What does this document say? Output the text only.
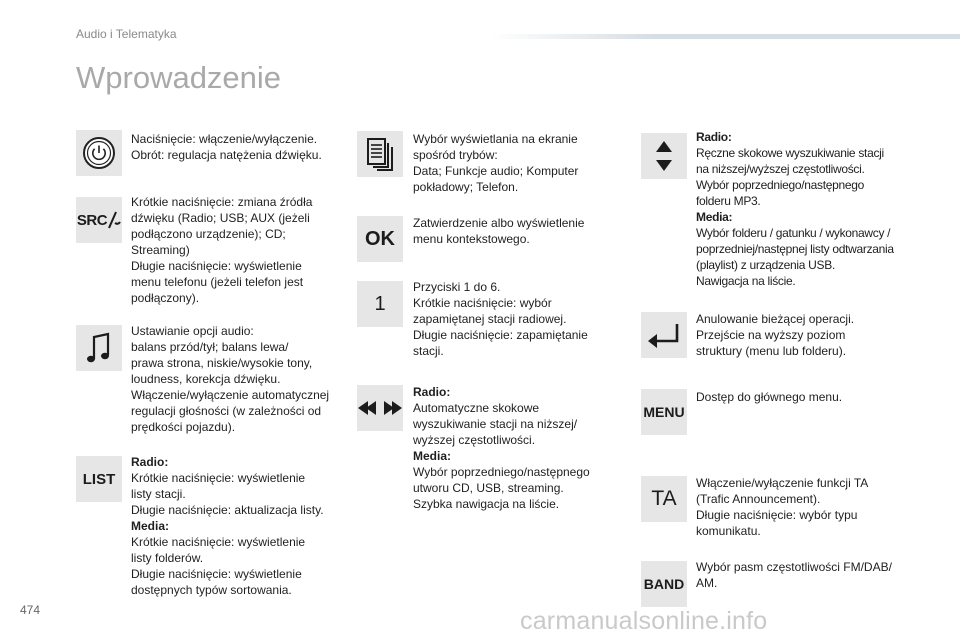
Audio i Telematyka
Wprowadzenie
Naciśnięcie: włączenie/wyłączenie.
Obrót: regulacja natężenia dźwięku.
SRC
Krótkie naciśnięcie: zmiana źródła
dźwięku (Radio; USB; AUX (jeżeli
podłączono urządzenie); CD;
Streaming)
Długie naciśnięcie: wyświetlenie
menu telefonu (jeżeli telefon jest
podłączony).
Ustawianie opcji audio:
balans przód/tył; balans lewa/
prawa strona, niskie/wysokie tony,
loudness, korekcja dźwięku.
Włączenie/wyłączenie automatycznej
regulacji głośności (w zależności od
prędkości pojazdu).
LIST
Radio:
Krótkie naciśnięcie: wyświetlenie
listy stacji.
Długie naciśnięcie: aktualizacja listy.
Media:
Krótkie naciśnięcie: wyświetlenie
listy folderów.
Długie naciśnięcie: wyświetlenie
dostępnych typów sortowania.
Wybór wyświetlania na ekranie
spośród trybów:
Data; Funkcje audio; Komputer
pokładowy; Telefon.
OK
Zatwierdzenie albo wyświetlenie
menu kontekstowego.
1
Przyciski 1 do 6.
Krótkie naciśnięcie: wybór
zapamiętanej stacji radiowej.
Długie naciśnięcie: zapamiętanie
stacji.
Radio:
Automatyczne skokowe
wyszukiwanie stacji na niższej/
wyższej częstotliwości.
Media:
Wybór poprzedniego/następnego
utworu CD, USB, streaming.
Szybka nawigacja na liście.
Radio:
Ręczne skokowe wyszukiwanie stacji
na niższej/wyższej częstotliwości.
Wybór poprzedniego/następnego
folderu MP3.
Media:
Wybór folderu / gatunku / wykonawcy /
poprzedniej/następnej listy odtwarzania
(playlist) z urządzenia USB.
Nawigacja na liście.
Anulowanie bieżącej operacji.
Przejście na wyższy poziom
struktury (menu lub folderu).
MENU
Dostęp do głównego menu.
TA
Włączenie/wyłączenie funkcji TA
(Trafic Announcement).
Długie naciśnięcie: wybór typu
komunikatu.
BAND
Wybór pasm częstotliwości FM/DAB/
AM.
474	carmanualsonline.info
